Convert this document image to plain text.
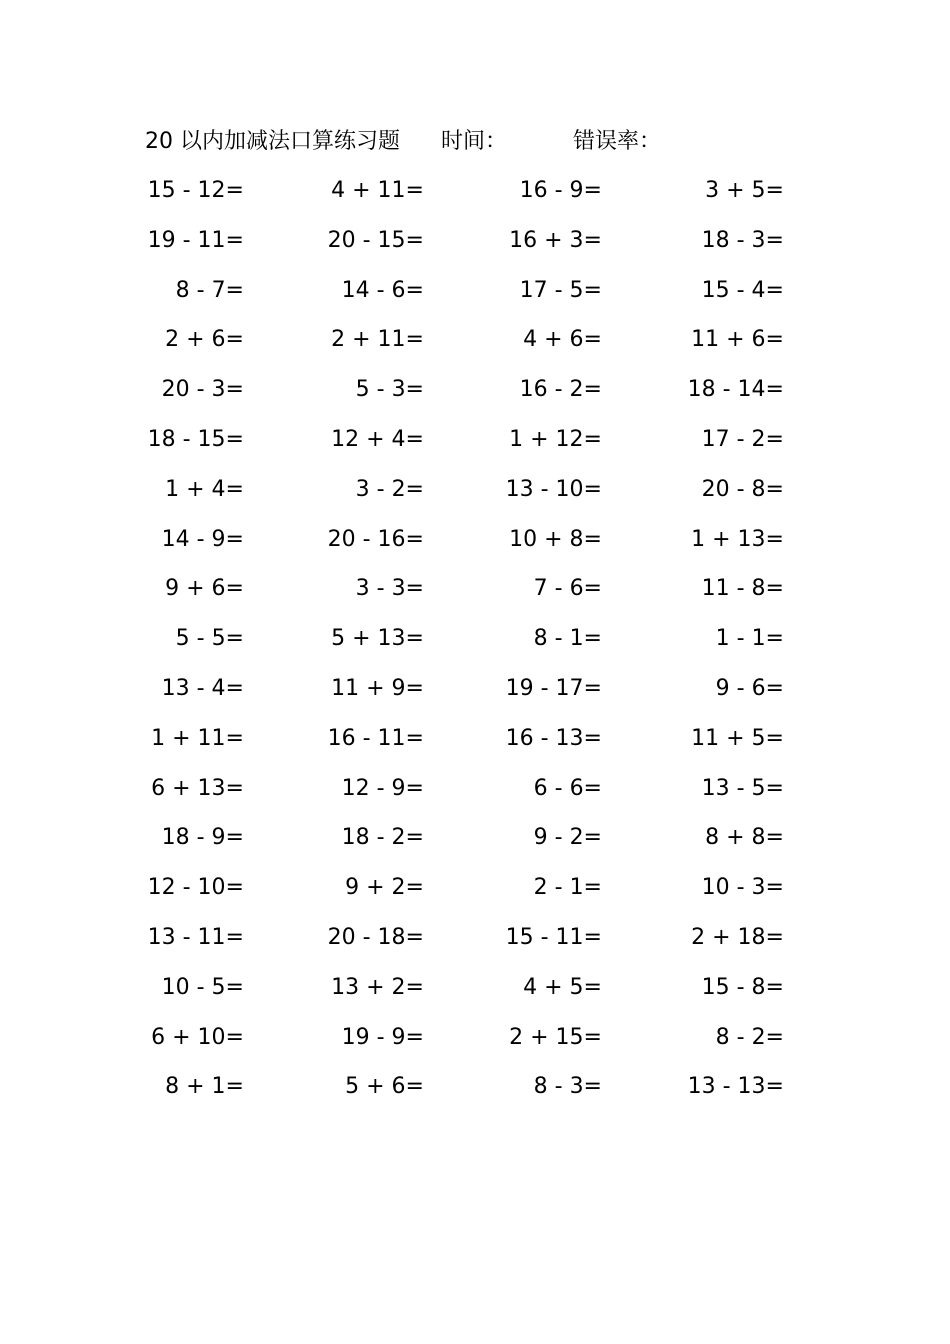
20 以内加减法口算练习题 时间：	错误率：
15 - 12=	4 + 11=	16 - 9=	3 + 5=
19 - 11=	20 - 15=	16 + 3=	18 - 3=
8 - 7=	14 - 6=	17 - 5=	15 - 4=
2 + 6=	2 + 11=	4 + 6=	11 + 6=
20 - 3=	5 - 3=	16 - 2=	18 - 14=
18 - 15=	12 + 4=	1 + 12=	17 - 2=
1 + 4=	3 - 2=	13 - 10=	20 - 8=
14 - 9=	20 - 16=	10 + 8=	1 + 13=
9 + 6=	3 - 3=	7 - 6=	11 - 8=
5 - 5=	5 + 13=	8 - 1=	1 - 1=
13 - 4=	11 + 9=	19 - 17=	9 - 6=
1 + 11=	16 - 11=	16 - 13=	11 + 5=
6 + 13=	12 - 9=	6 - 6=	13 - 5=
18 - 9=	18 - 2=	9 - 2=	8 + 8=
12 - 10=	9 + 2=	2 - 1=	10 - 3=
13 - 11=	20 - 18=	15 - 11=	2 + 18=
10 - 5=	13 + 2=	4 + 5=	15 - 8=
6 + 10=	19 - 9=	2 + 15=	8 - 2=
8 + 1=	5 + 6=	8 - 3=	13 - 13=
